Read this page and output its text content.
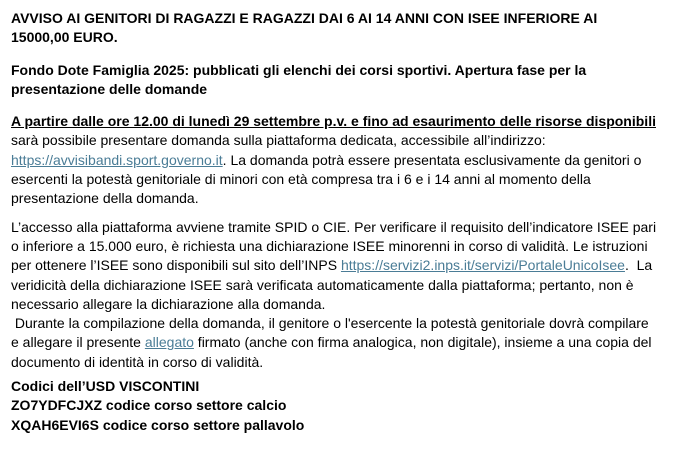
AVVISO AI GENITORI DI RAGAZZI E RAGAZZI DAI 6 AI 14 ANNI CON ISEE INFERIORE AI 15000,00 EURO.

Fondo Dote Famiglia 2025: pubblicati gli elenchi dei corsi sportivi. Apertura fase per la presentazione delle domande

A partire dalle ore 12.00 di lunedì 29 settembre p.v. e fino ad esaurimento delle risorse disponibili sarà possibile presentare domanda sulla piattaforma dedicata, accessibile all’indirizzo: https://avvisibandi.sport.governo.it. La domanda potrà essere presentata esclusivamente da genitori o esercenti la potestà genitoriale di minori con età compresa tra i 6 e i 14 anni al momento della presentazione della domanda.

L’accesso alla piattaforma avviene tramite SPID o CIE. Per verificare il requisito dell’indicatore ISEE pari o inferiore a 15.000 euro, è richiesta una dichiarazione ISEE minorenni in corso di validità. Le istruzioni per ottenere l’ISEE sono disponibili sul sito dell’INPS https://servizi2.inps.it/servizi/PortaleUnicoIsee.  La veridicità della dichiarazione ISEE sarà verificata automaticamente dalla piattaforma; pertanto, non è necessario allegare la dichiarazione alla domanda.

Durante la compilazione della domanda, il genitore o l'esercente la potestà genitoriale dovrà compilare e allegare il presente allegato firmato (anche con firma analogica, non digitale), insieme a una copia del documento di identità in corso di validità.

Codici dell’USD VISCONTINI
ZO7YDFCJXZ codice corso settore calcio
XQAH6EVI6S codice corso settore pallavolo
